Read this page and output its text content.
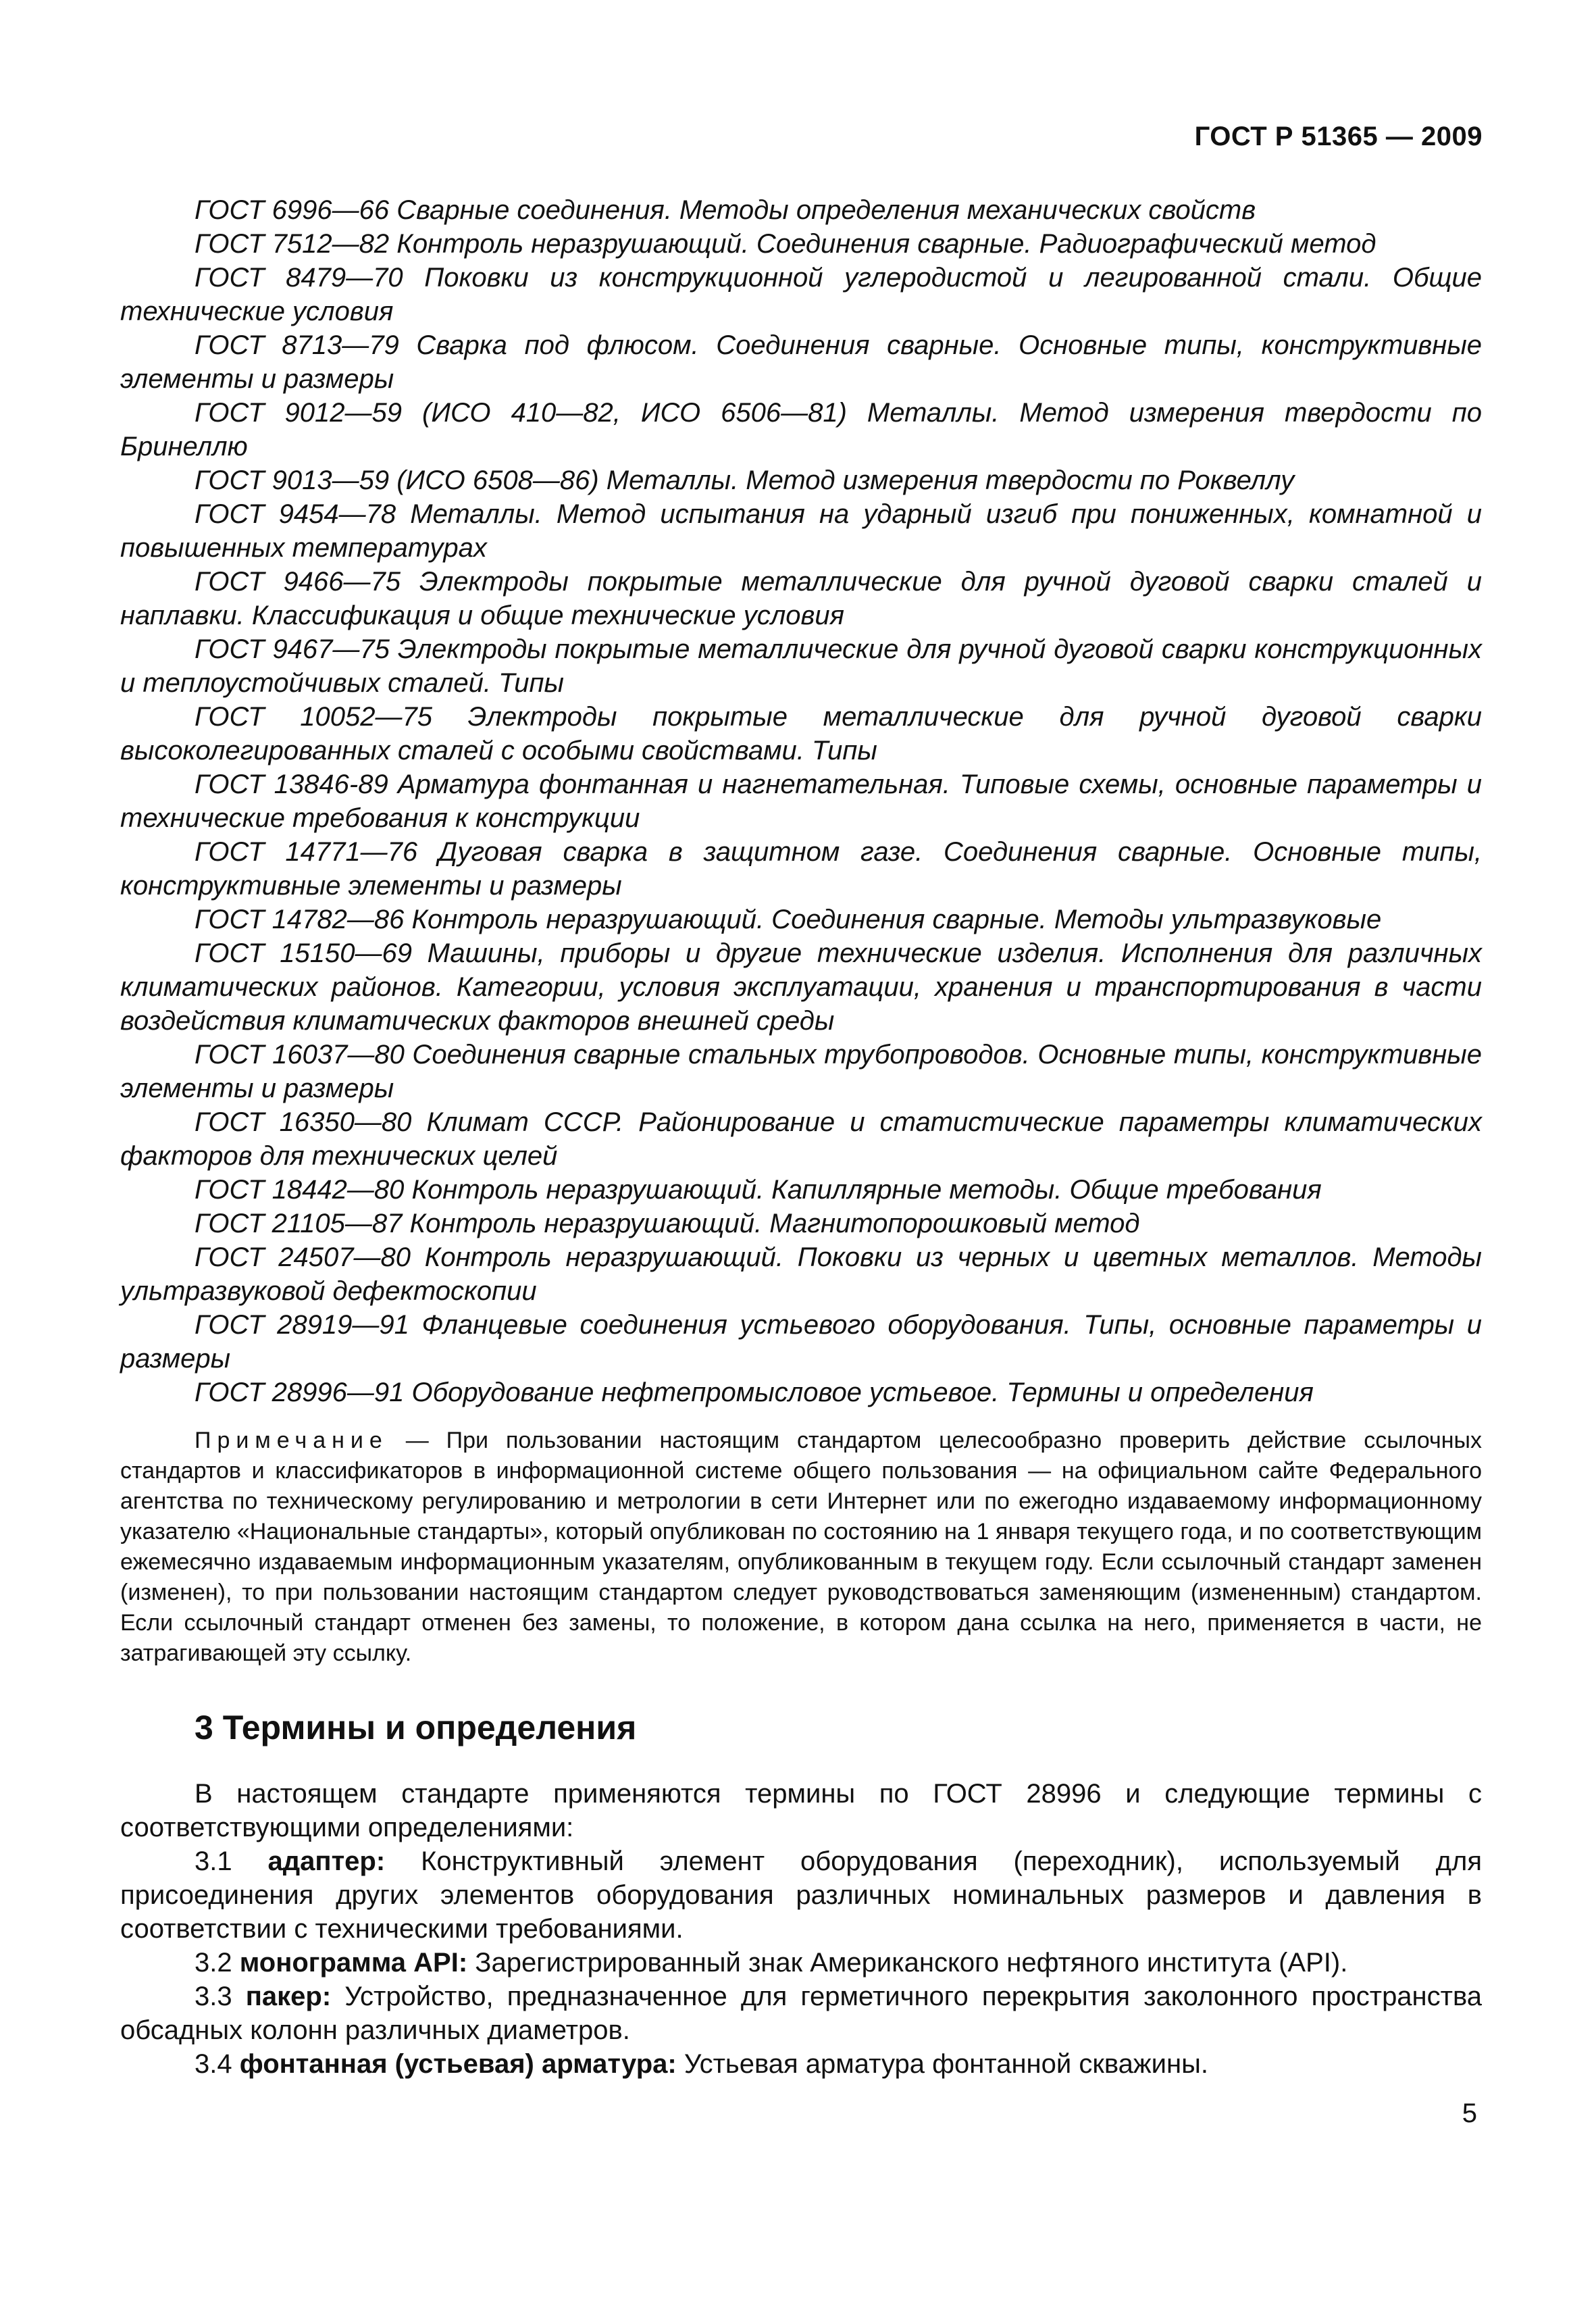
ГОСТ Р 51365 — 2009
ГОСТ 6996—66 Сварные соединения. Методы определения механических свойств
ГОСТ 7512—82 Контроль неразрушающий. Соединения сварные. Радиографический метод
ГОСТ 8479—70 Поковки из конструкционной углеродистой и легированной стали. Общие технические условия
ГОСТ 8713—79 Сварка под флюсом. Соединения сварные. Основные типы, конструктивные элементы и размеры
ГОСТ 9012—59 (ИСО 410—82, ИСО 6506—81) Металлы. Метод измерения твердости по Бринеллю
ГОСТ 9013—59 (ИСО 6508—86) Металлы. Метод измерения твердости по Роквеллу
ГОСТ 9454—78 Металлы. Метод испытания на ударный изгиб при пониженных, комнатной и повышенных температурах
ГОСТ 9466—75 Электроды покрытые металлические для ручной дуговой сварки сталей и наплавки. Классификация и общие технические условия
ГОСТ 9467—75 Электроды покрытые металлические для ручной дуговой сварки конструкционных и теплоустойчивых сталей. Типы
ГОСТ 10052—75 Электроды покрытые металлические для ручной дуговой сварки высоколегированных сталей с особыми свойствами. Типы
ГОСТ 13846-89 Арматура фонтанная и нагнетательная. Типовые схемы, основные параметры и технические требования к конструкции
ГОСТ 14771—76 Дуговая сварка в защитном газе. Соединения сварные. Основные типы, конструктивные элементы и размеры
ГОСТ 14782—86 Контроль неразрушающий. Соединения сварные. Методы ультразвуковые
ГОСТ 15150—69 Машины, приборы и другие технические изделия. Исполнения для различных климатических районов. Категории, условия эксплуатации, хранения и транспортирования в части воздействия климатических факторов внешней среды
ГОСТ 16037—80 Соединения сварные стальных трубопроводов. Основные типы, конструктивные элементы и размеры
ГОСТ 16350—80 Климат СССР. Районирование и статистические параметры климатических факторов для технических целей
ГОСТ 18442—80 Контроль неразрушающий. Капиллярные методы. Общие требования
ГОСТ 21105—87 Контроль неразрушающий. Магнитопорошковый метод
ГОСТ 24507—80 Контроль неразрушающий. Поковки из черных и цветных металлов. Методы ультразвуковой дефектоскопии
ГОСТ 28919—91 Фланцевые соединения устьевого оборудования. Типы, основные параметры и размеры
ГОСТ 28996—91 Оборудование нефтепромысловое устьевое. Термины и определения

Примечание — При пользовании настоящим стандартом целесообразно проверить действие ссылочных стандартов и классификаторов в информационной системе общего пользования — на официальном сайте Федерального агентства по техническому регулированию и метрологии в сети Интернет или по ежегодно издаваемому информационному указателю «Национальные стандарты», который опубликован по состоянию на 1 января текущего года, и по соответствующим ежемесячно издаваемым информационным указателям, опубликованным в текущем году. Если ссылочный стандарт заменен (изменен), то при пользовании настоящим стандартом следует руководствоваться заменяющим (измененным) стандартом. Если ссылочный стандарт отменен без замены, то положение, в котором дана ссылка на него, применяется в части, не затрагивающей эту ссылку.

3 Термины и определения

В настоящем стандарте применяются термины по ГОСТ 28996 и следующие термины с соответствующими определениями:

3.1 адаптер: Конструктивный элемент оборудования (переходник), используемый для присоединения других элементов оборудования различных номинальных размеров и давления в соответствии с техническими требованиями.

3.2 монограмма API: Зарегистрированный знак Американского нефтяного института (API).

3.3 пакер: Устройство, предназначенное для герметичного перекрытия заколонного пространства обсадных колонн различных диаметров.

3.4 фонтанная (устьевая) арматура: Устьевая арматура фонтанной скважины.

5
